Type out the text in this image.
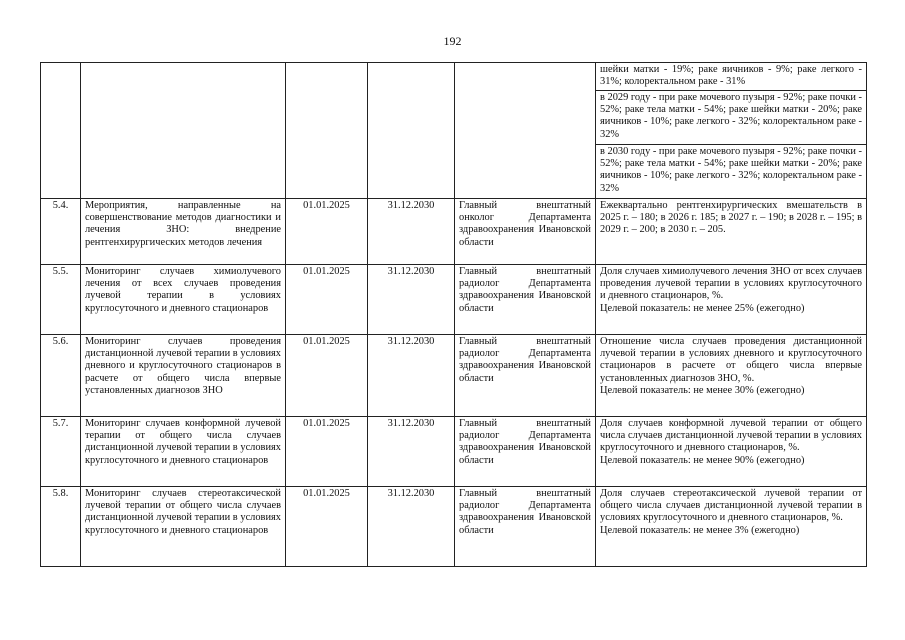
192

					шейки матки - 19%; раке яичников - 9%; раке легкого - 31%; колоректальном раке - 31%
в 2029 году - при раке мочевого пузыря - 92%; раке почки - 52%; раке тела матки - 54%; раке шейки матки - 20%; раке яичников - 10%; раке легкого - 32%; колоректальном раке - 32%
в 2030 году - при раке мочевого пузыря - 92%; раке почки - 52%; раке тела матки - 54%; раке шейки матки - 20%; раке яичников - 10%; раке легкого - 32%; колоректальном раке - 32%

5.4.	Мероприятия, направленные на совершенствование методов диагностики и лечения ЗНО: внедрение рентгенхирургических методов лечения	01.01.2025	31.12.2030	Главный внештатный онколог Департамента здравоохранения Ивановской области	Ежеквартально рентгенхирургических вмешательств в 2025 г. – 180; в 2026 г. 185; в 2027 г. – 190; в 2028 г. – 195; в 2029 г. – 200; в 2030 г. – 205.

5.5.	Мониторинг случаев химиолучевого лечения от всех случаев проведения лучевой терапии в условиях круглосуточного и дневного стационаров	01.01.2025	31.12.2030	Главный внештатный радиолог Департамента здравоохранения Ивановской области	Доля случаев химиолучевого лечения ЗНО от всех случаев проведения лучевой терапии в условиях круглосуточного и дневного стационаров, %.
Целевой показатель: не менее 25% (ежегодно)

5.6.	Мониторинг случаев проведения дистанционной лучевой терапии в условиях дневного и круглосуточного стационаров в расчете от общего числа впервые установленных диагнозов ЗНО	01.01.2025	31.12.2030	Главный внештатный радиолог Департамента здравоохранения Ивановской области	Отношение числа случаев проведения дистанционной лучевой терапии в условиях дневного и круглосуточного стационаров в расчете от общего числа впервые установленных диагнозов ЗНО, %.
Целевой показатель: не менее 30% (ежегодно)

5.7.	Мониторинг случаев конформной лучевой терапии от общего числа случаев дистанционной лучевой терапии в условиях круглосуточного и дневного стационаров	01.01.2025	31.12.2030	Главный внештатный радиолог Департамента здравоохранения Ивановской области	Доля случаев конформной лучевой терапии от общего числа случаев дистанционной лучевой терапии в условиях круглосуточного и дневного стационаров, %.
Целевой показатель: не менее 90% (ежегодно)

5.8.	Мониторинг случаев стереотаксической лучевой терапии от общего числа случаев дистанционной лучевой терапии в условиях круглосуточного и дневного стационаров	01.01.2025	31.12.2030	Главный внештатный радиолог Департамента здравоохранения Ивановской области	Доля случаев стереотаксической лучевой терапии от общего числа случаев дистанционной лучевой терапии в условиях круглосуточного и дневного стационаров, %.
Целевой показатель: не менее 3% (ежегодно)
